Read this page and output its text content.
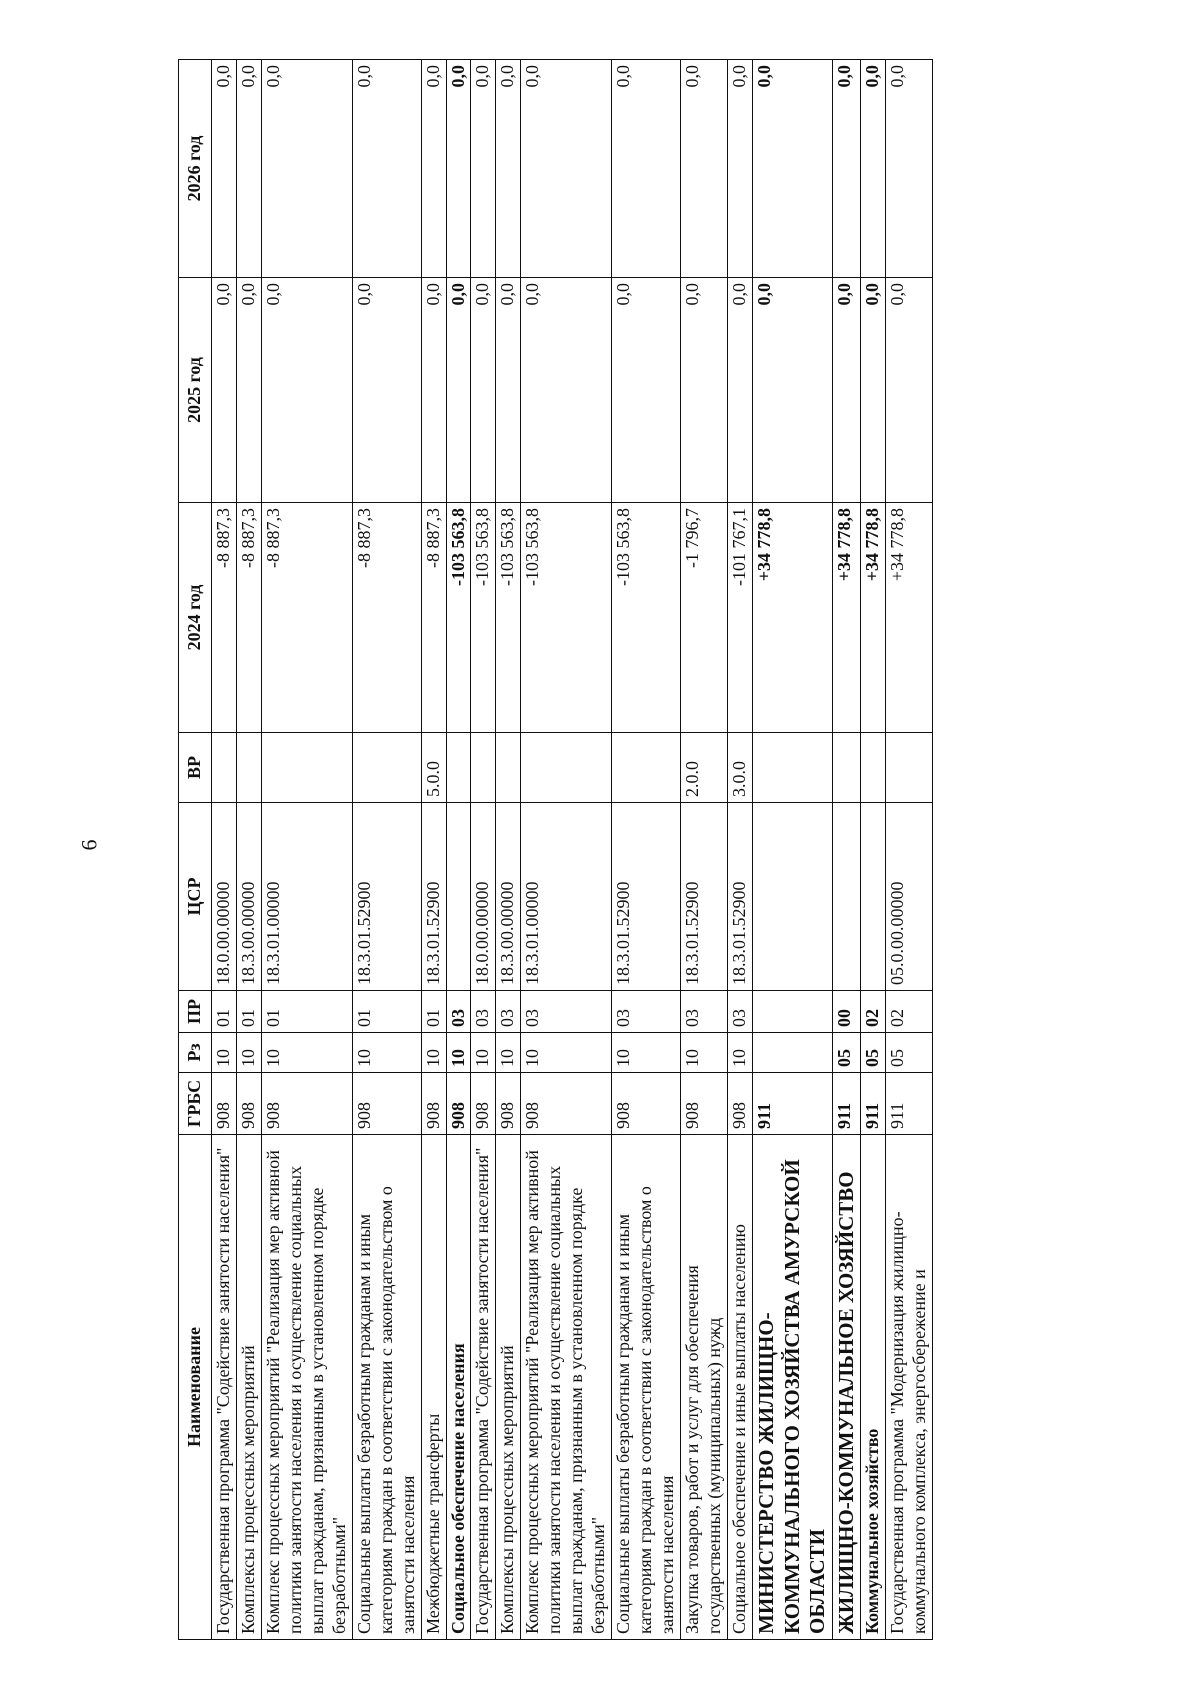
6
Наименование	ГРБС	Рз	ПР	ЦСР	ВР	2024 год	2025 год	2026 год
Государственная программа "Содействие занятости населения"	908	10	01	18.0.00.00000		-8 887,3	0,0	0,0
Комплексы процессных мероприятий	908	10	01	18.3.00.00000		-8 887,3	0,0	0,0
Комплекс процессных мероприятий "Реализация мер активной политики занятости населения и осуществление социальных выплат гражданам, признанным в установленном порядке безработными"	908	10	01	18.3.01.00000		-8 887,3	0,0	0,0
Социальные выплаты безработным гражданам и иным категориям граждан в соответствии с законодательством о занятости населения	908	10	01	18.3.01.52900		-8 887,3	0,0	0,0
Межбюджетные трансферты	908	10	01	18.3.01.52900	5.0.0	-8 887,3	0,0	0,0
Социальное обеспечение населения	908	10	03			-103 563,8	0,0	0,0
Государственная программа "Содействие занятости населения"	908	10	03	18.0.00.00000		-103 563,8	0,0	0,0
Комплексы процессных мероприятий	908	10	03	18.3.00.00000		-103 563,8	0,0	0,0
Комплекс процессных мероприятий "Реализация мер активной политики занятости населения и осуществление социальных выплат гражданам, признанным в установленном порядке безработными"	908	10	03	18.3.01.00000		-103 563,8	0,0	0,0
Социальные выплаты безработным гражданам и иным категориям граждан в соответствии с законодательством о занятости населения	908	10	03	18.3.01.52900		-103 563,8	0,0	0,0
Закупка товаров, работ и услуг для обеспечения государственных (муниципальных) нужд	908	10	03	18.3.01.52900	2.0.0	-1 796,7	0,0	0,0
Социальное обеспечение и иные выплаты населению	908	10	03	18.3.01.52900	3.0.0	-101 767,1	0,0	0,0
МИНИСТЕРСТВО ЖИЛИЩНО-КОММУНАЛЬНОГО ХОЗЯЙСТВА АМУРСКОЙ ОБЛАСТИ	911					+34 778,8	0,0	0,0
ЖИЛИЩНО-КОММУНАЛЬНОЕ ХОЗЯЙСТВО	911	05	00			+34 778,8	0,0	0,0
Коммунальное хозяйство	911	05	02			+34 778,8	0,0	0,0
Государственная программа "Модернизация жилищно-коммунального комплекса, энергосбережение и	911	05	02	05.0.00.00000		+34 778,8	0,0	0,0
